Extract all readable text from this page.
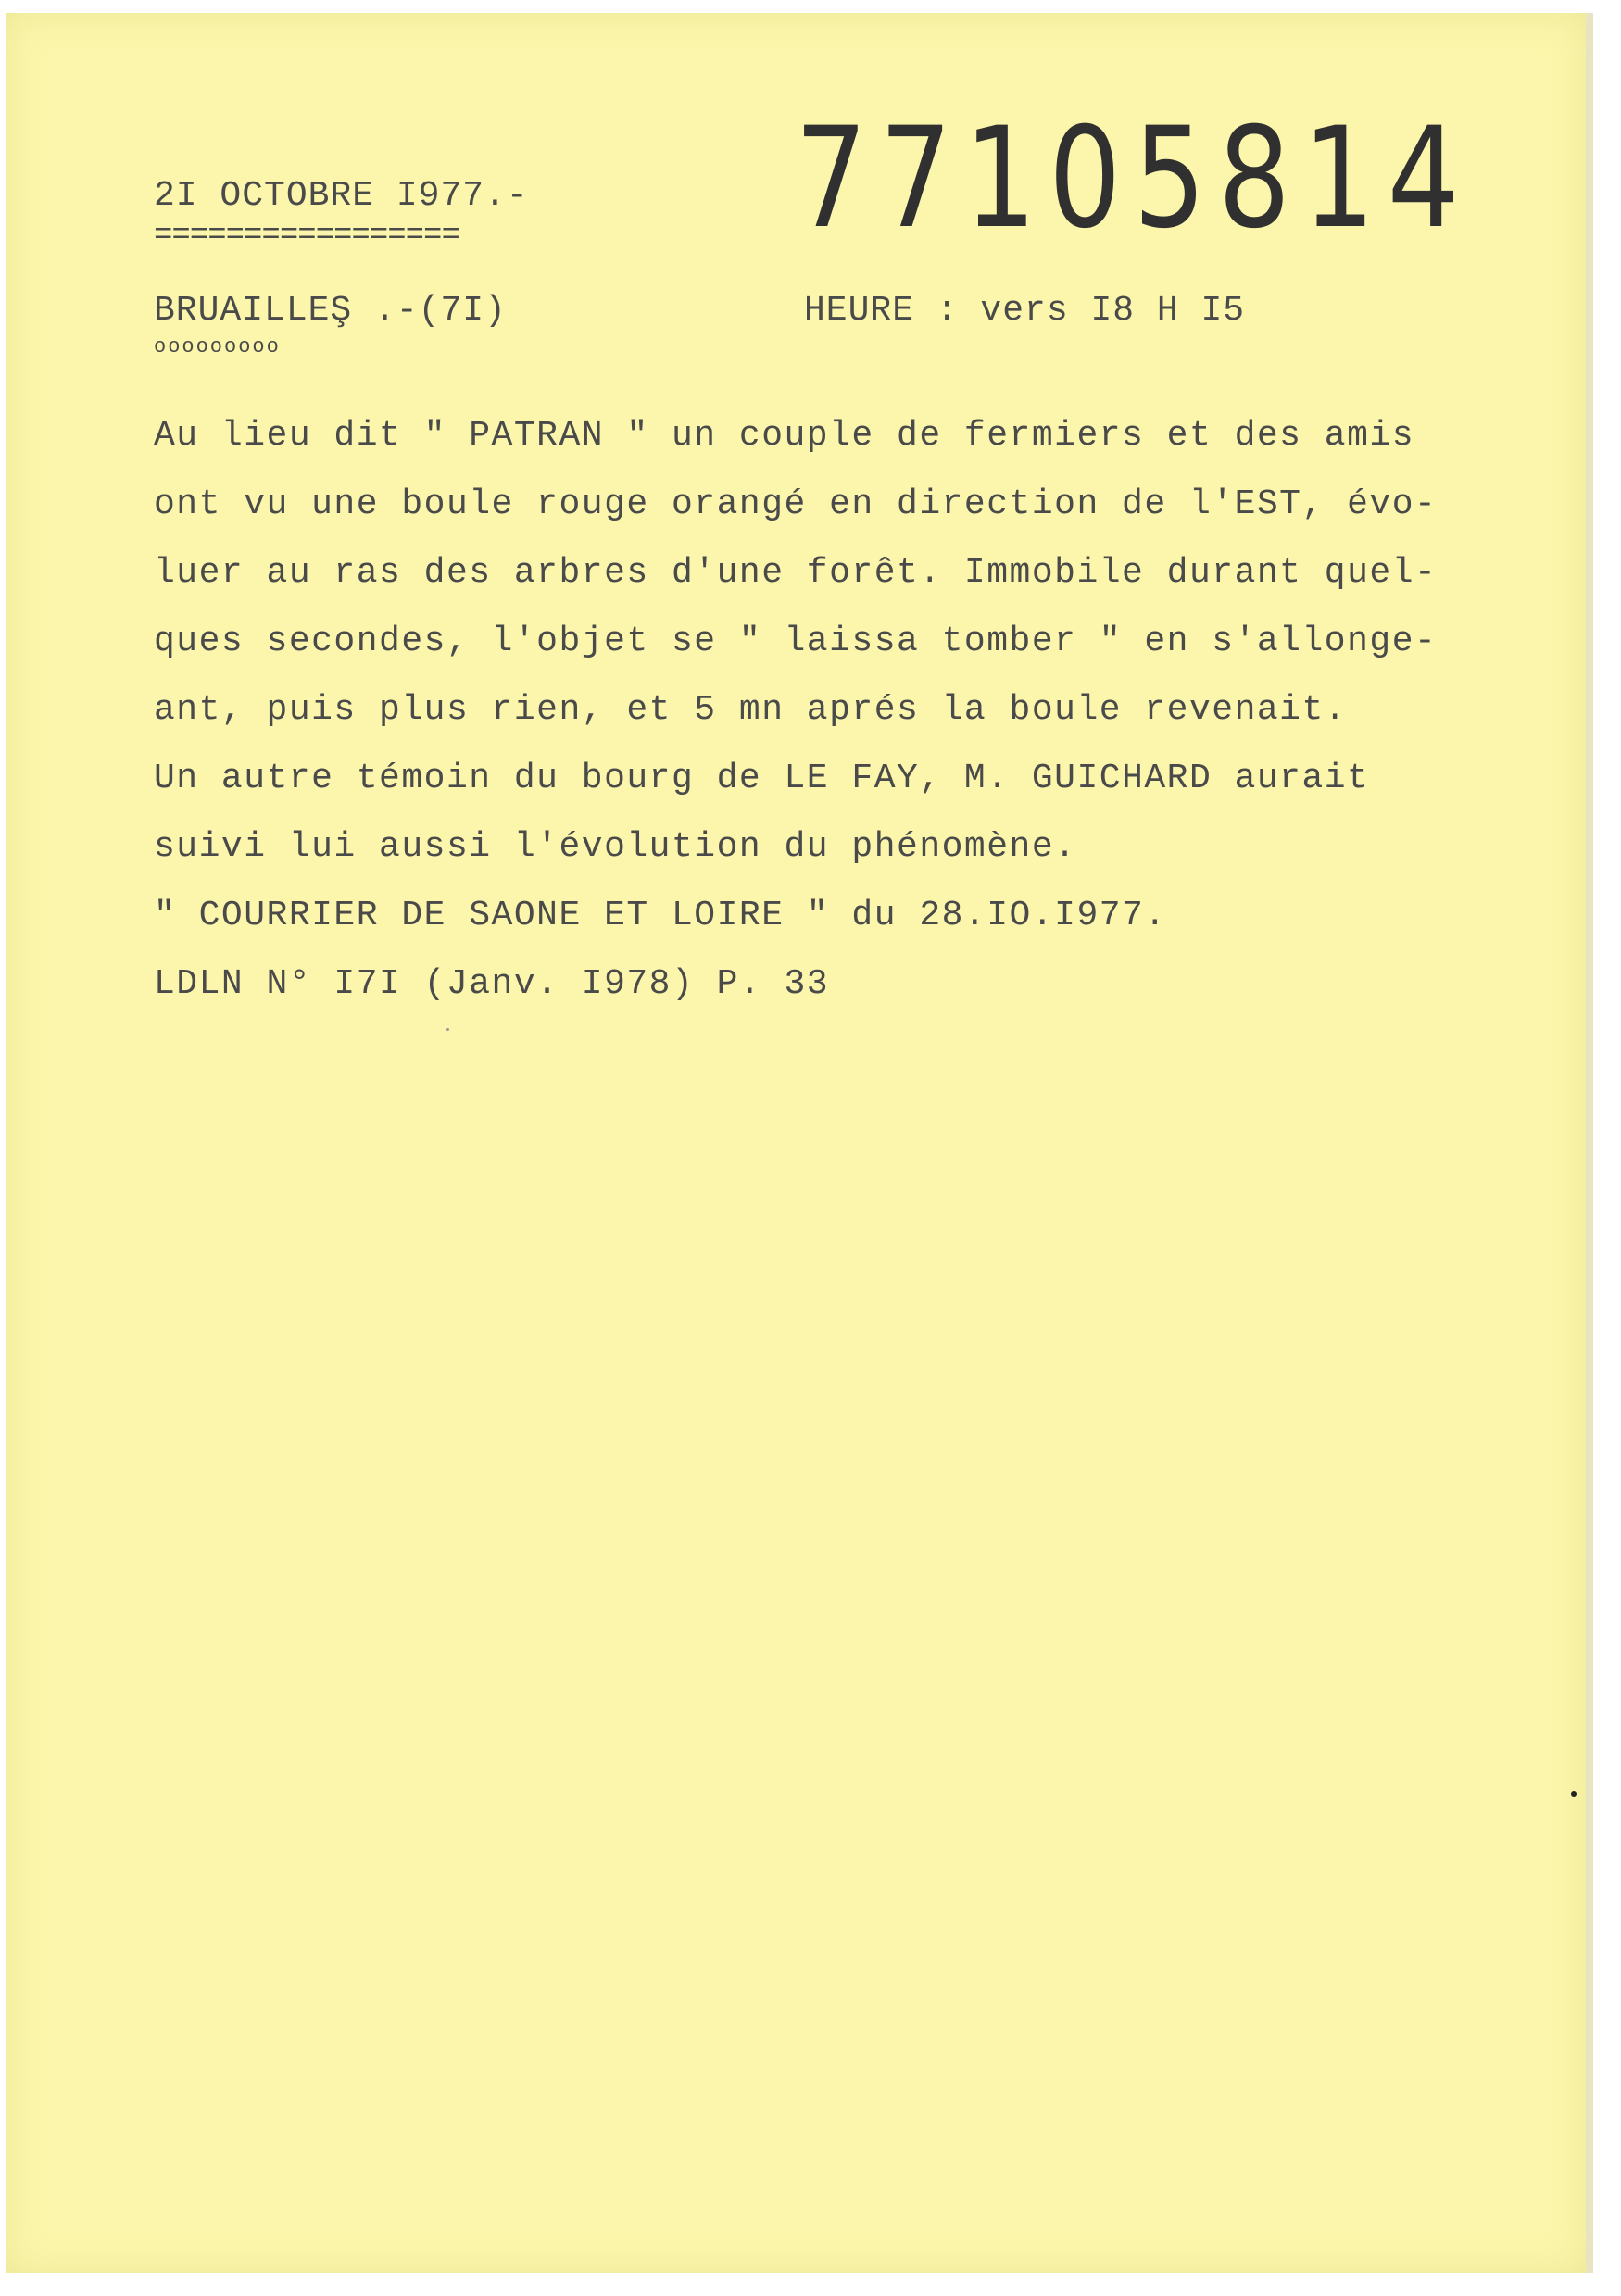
77105814
2I OCTOBRE I977.-
=================
BRUAILLEŞ .-(7I)
ooooooooo
HEURE : vers I8 H I5
Au lieu dit " PATRAN " un couple de fermiers et des amis
ont vu une boule rouge orangé en direction de l'EST, évo-
luer au ras des arbres d'une forêt. Immobile durant quel-
ques secondes, l'objet se " laissa tomber " en s'allonge-
ant, puis plus rien, et 5 mn aprés la boule revenait.
Un autre témoin du bourg de LE FAY, M. GUICHARD aurait
suivi lui aussi l'évolution du phénomène.
" COURRIER DE SAONE ET LOIRE " du 28.IO.I977.
LDLN N° I7I (Janv. I978) P. 33
